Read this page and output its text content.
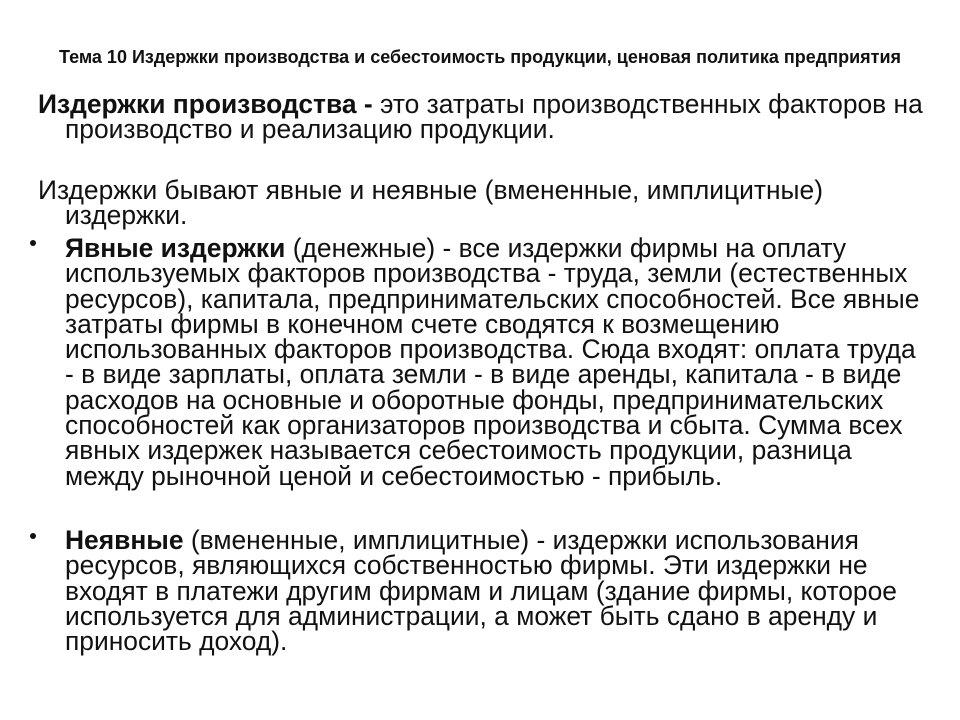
Тема 10 Издержки производства и себестоимость продукции, ценовая политика предприятия
Издержки производства - это затраты производственных факторов на
производство и реализацию продукции.
Издержки бывают явные и неявные (вмененные, имплицитные)
издержки.
Явные издержки (денежные) - все издержки фирмы на оплату
используемых факторов производства - труда, земли (естественных
ресурсов), капитала, предпринимательских способностей. Все явные
затраты фирмы в конечном счете сводятся к возмещению
использованных факторов производства. Сюда входят: оплата труда
- в виде зарплаты, оплата земли - в виде аренды, капитала - в виде
расходов на основные и оборотные фонды, предпринимательских
способностей как организаторов производства и сбыта. Сумма всех
явных издержек называется себестоимость продукции, разница
между рыночной ценой и себестоимостью - прибыль.
Неявные (вмененные, имплицитные) - издержки использования
ресурсов, являющихся собственностью фирмы. Эти издержки не
входят в платежи другим фирмам и лицам (здание фирмы, которое
используется для администрации, а может быть сдано в аренду и
приносить доход).
